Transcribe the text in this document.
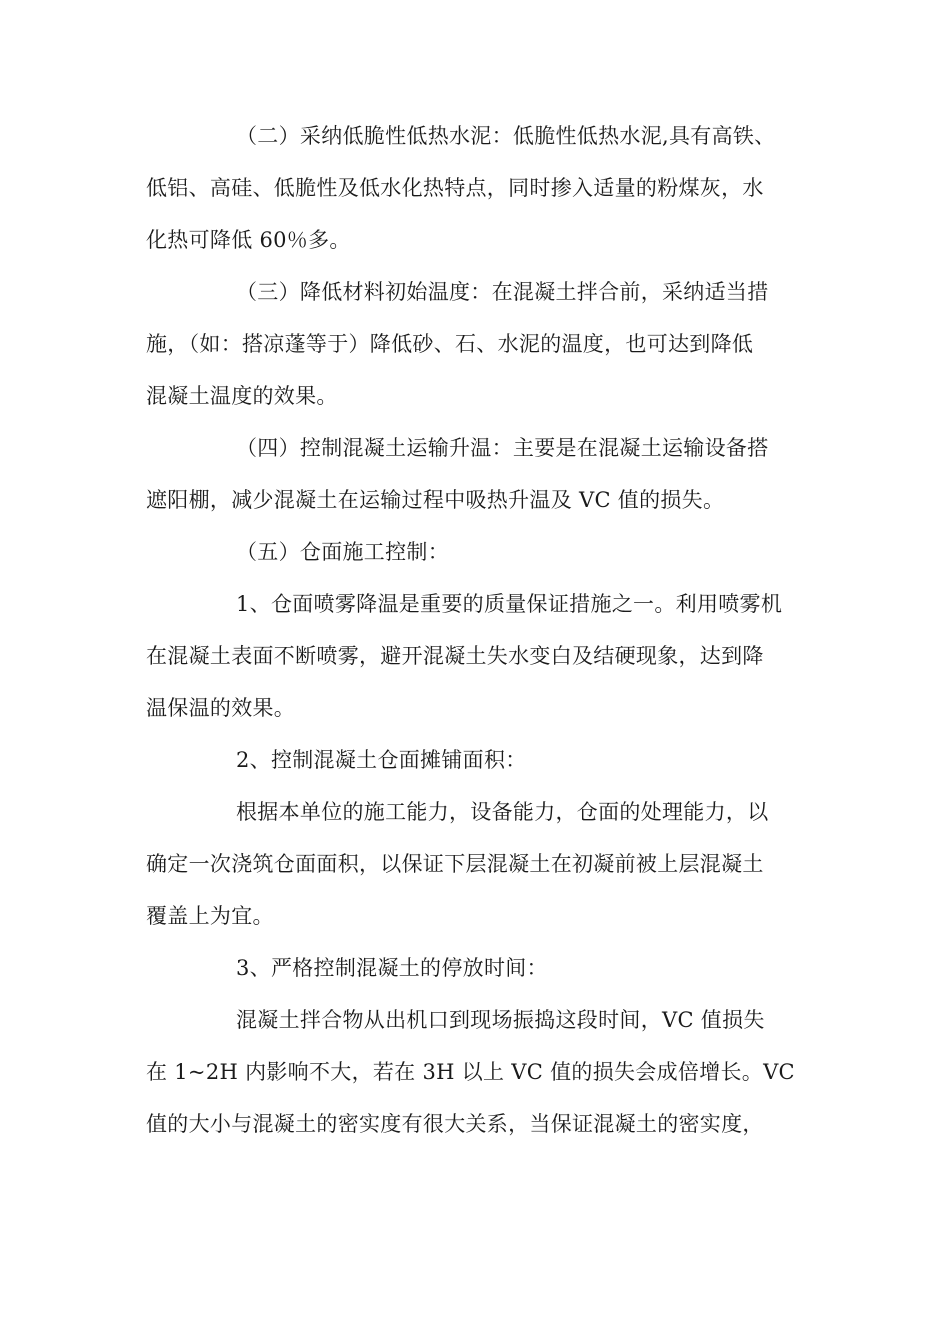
（二）采纳低脆性低热水泥：低脆性低热水泥,具有高铁、
低铝、高硅、低脆性及低水化热特点，同时掺入适量的粉煤灰，水
化热可降低 60％多。
（三）降低材料初始温度：在混凝土拌合前，采纳适当措
施，（如：搭凉蓬等于）降低砂、石、水泥的温度，也可达到降低
混凝土温度的效果。
（四）控制混凝土运输升温：主要是在混凝土运输设备搭
遮阳棚，减少混凝土在运输过程中吸热升温及 VC 值的损失。
（五）仓面施工控制：
1、仓面喷雾降温是重要的质量保证措施之一。利用喷雾机
在混凝土表面不断喷雾，避开混凝土失水变白及结硬现象，达到降
温保温的效果。
2、控制混凝土仓面摊铺面积：
根据本单位的施工能力，设备能力，仓面的处理能力，以
确定一次浇筑仓面面积，以保证下层混凝土在初凝前被上层混凝土
覆盖上为宜。
3、严格控制混凝土的停放时间：
混凝土拌合物从出机口到现场振捣这段时间，VC 值损失
在 1~2H 内影响不大，若在 3H 以上 VC 值的损失会成倍增长。VC
值的大小与混凝土的密实度有很大关系，当保证混凝土的密实度，
